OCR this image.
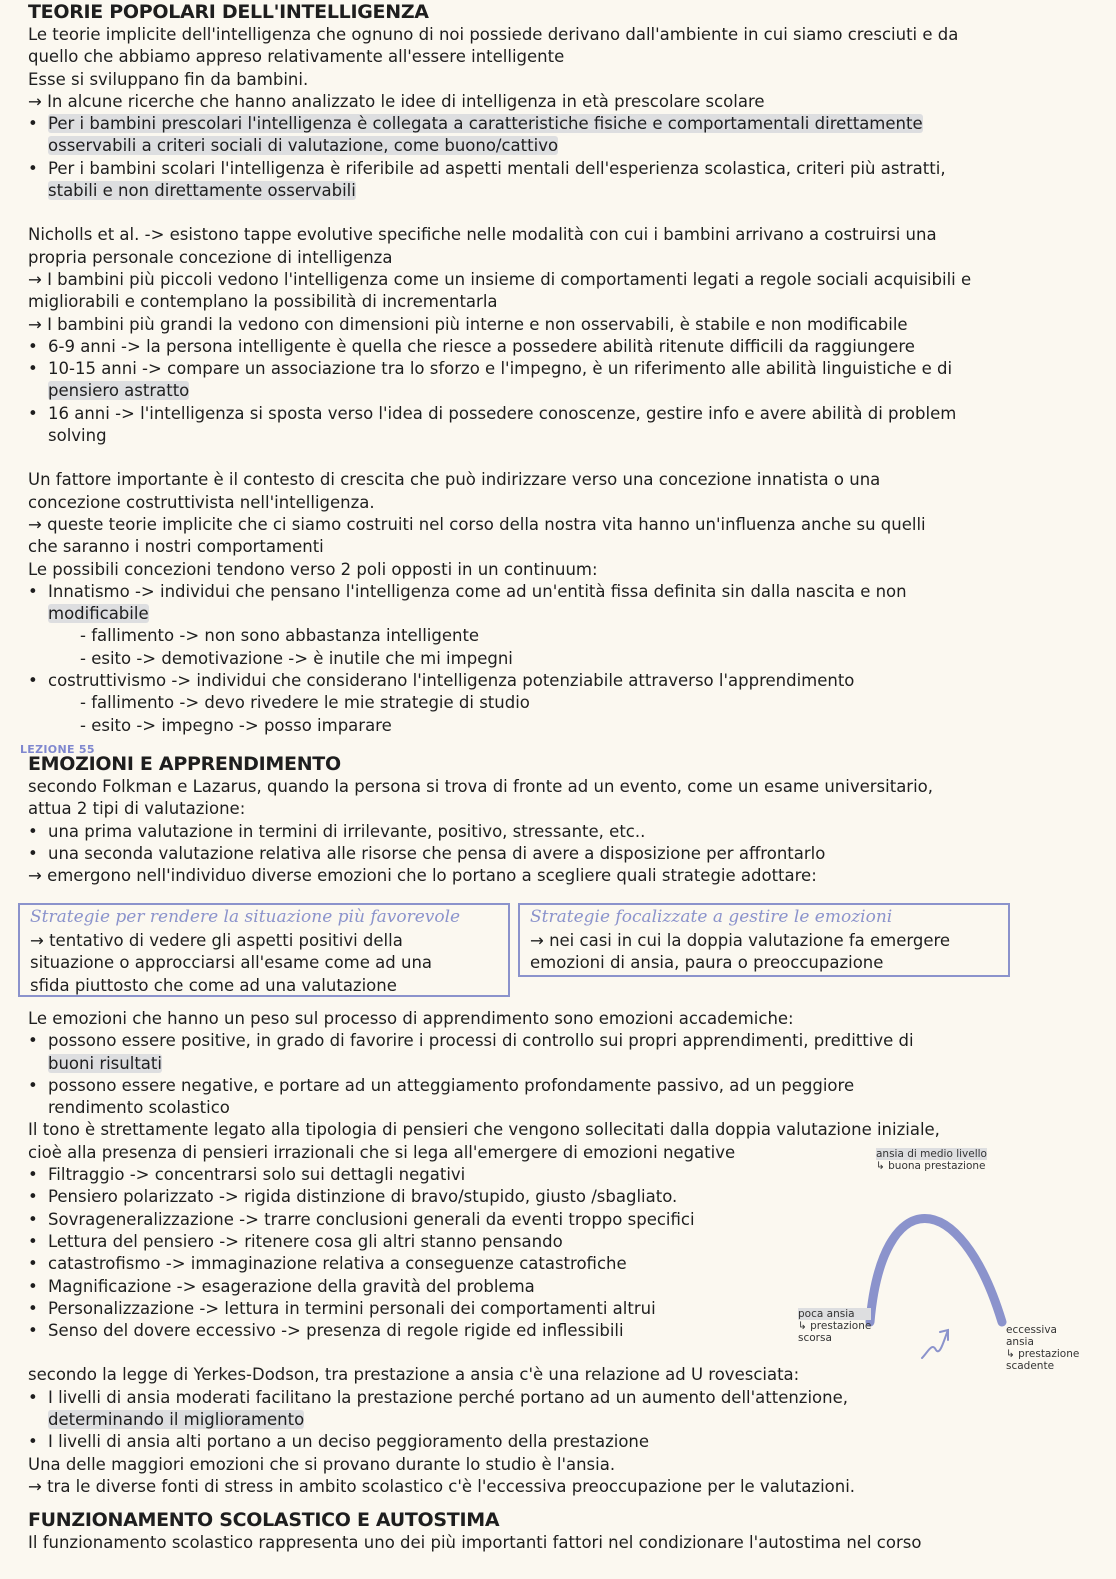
TEORIE POPOLARI DELL'INTELLIGENZA
Le teorie implicite dell'intelligenza che ognuno di noi possiede derivano dall'ambiente in cui siamo cresciuti e da
quello che abbiamo appreso relativamente all'essere intelligente
Esse si sviluppano fin da bambini.
→ In alcune ricerche che hanno analizzato le idee di intelligenza in età prescolare scolare
• Per i bambini prescolari l'intelligenza è collegata a caratteristiche fisiche e comportamentali direttamente
osservabili a criteri sociali di valutazione, come buono/cattivo
• Per i bambini scolari l'intelligenza è riferibile ad aspetti mentali dell'esperienza scolastica, criteri più astratti,
stabili e non direttamente osservabili
Nicholls et al. -> esistono tappe evolutive specifiche nelle modalità con cui i bambini arrivano a costruirsi una
propria personale concezione di intelligenza
→ I bambini più piccoli vedono l'intelligenza come un insieme di comportamenti legati a regole sociali acquisibili e
migliorabili e contemplano la possibilità di incrementarla
→ I bambini più grandi la vedono con dimensioni più interne e non osservabili, è stabile e non modificabile
• 6-9 anni -> la persona intelligente è quella che riesce a possedere abilità ritenute difficili da raggiungere
• 10-15 anni -> compare un associazione tra lo sforzo e l'impegno, è un riferimento alle abilità linguistiche e di
pensiero astratto
• 16 anni -> l'intelligenza si sposta verso l'idea di possedere conoscenze, gestire info e avere abilità di problem
solving
Un fattore importante è il contesto di crescita che può indirizzare verso una concezione innatista o una
concezione costruttivista nell'intelligenza.
→ queste teorie implicite che ci siamo costruiti nel corso della nostra vita hanno un'influenza anche su quelli
che saranno i nostri comportamenti
Le possibili concezioni tendono verso 2 poli opposti in un continuum:
• Innatismo -> individui che pensano l'intelligenza come ad un'entità fissa definita sin dalla nascita e non
modificabile
- fallimento -> non sono abbastanza intelligente
- esito -> demotivazione -> è inutile che mi impegni
• costruttivismo -> individui che considerano l'intelligenza potenziabile attraverso l'apprendimento
- fallimento -> devo rivedere le mie strategie di studio
- esito -> impegno -> posso imparare
EMOZIONI E APPRENDIMENTO
secondo Folkman e Lazarus, quando la persona si trova di fronte ad un evento, come un esame universitario,
attua 2 tipi di valutazione:
• una prima valutazione in termini di irrilevante, positivo, stressante, etc..
• una seconda valutazione relativa alle risorse che pensa di avere a disposizione per affrontarlo
→ emergono nell'individuo diverse emozioni che lo portano a scegliere quali strategie adottare:
Strategie per rendere la situazione più favorevole
→ tentativo di vedere gli aspetti positivi della
situazione o approcciarsi all'esame come ad una
sfida piuttosto che come ad una valutazione
Strategie focalizzate a gestire le emozioni
→ nei casi in cui la doppia valutazione fa emergere
emozioni di ansia, paura o preoccupazione
Le emozioni che hanno un peso sul processo di apprendimento sono emozioni accademiche:
• possono essere positive, in grado di favorire i processi di controllo sui propri apprendimenti, predittive di
buoni risultati
• possono essere negative, e portare ad un atteggiamento profondamente passivo, ad un peggiore
rendimento scolastico
Il tono è strettamente legato alla tipologia di pensieri che vengono sollecitati dalla doppia valutazione iniziale,
cioè alla presenza di pensieri irrazionali che si lega all'emergere di emozioni negative
• Filtraggio -> concentrarsi solo sui dettagli negativi
• Pensiero polarizzato -> rigida distinzione di bravo/stupido, giusto /sbagliato.
• Sovrageneralizzazione -> trarre conclusioni generali da eventi troppo specifici
• Lettura del pensiero -> ritenere cosa gli altri stanno pensando
• catastrofismo -> immaginazione relativa a conseguenze catastrofiche
• Magnificazione -> esagerazione della gravità del problema
• Personalizzazione -> lettura in termini personali dei comportamenti altrui
• Senso del dovere eccessivo -> presenza di regole rigide ed inflessibili
secondo la legge di Yerkes-Dodson, tra prestazione a ansia c'è una relazione ad U rovesciata:
• I livelli di ansia moderati facilitano la prestazione perché portano ad un aumento dell'attenzione,
determinando il miglioramento
• I livelli di ansia alti portano a un deciso peggioramento della prestazione
Una delle maggiori emozioni che si provano durante lo studio è l'ansia.
→ tra le diverse fonti di stress in ambito scolastico c'è l'eccessiva preoccupazione per le valutazioni.
FUNZIONAMENTO SCOLASTICO E AUTOSTIMA
Il funzionamento scolastico rappresenta uno dei più importanti fattori nel condizionare l'autostima nel corso
LEZIONE 55
ansia di medio livello
↳ buona prestazione
poca ansia
↳ prestazione
scorsa
eccessiva
ansia
↳ prestazione
scadente
